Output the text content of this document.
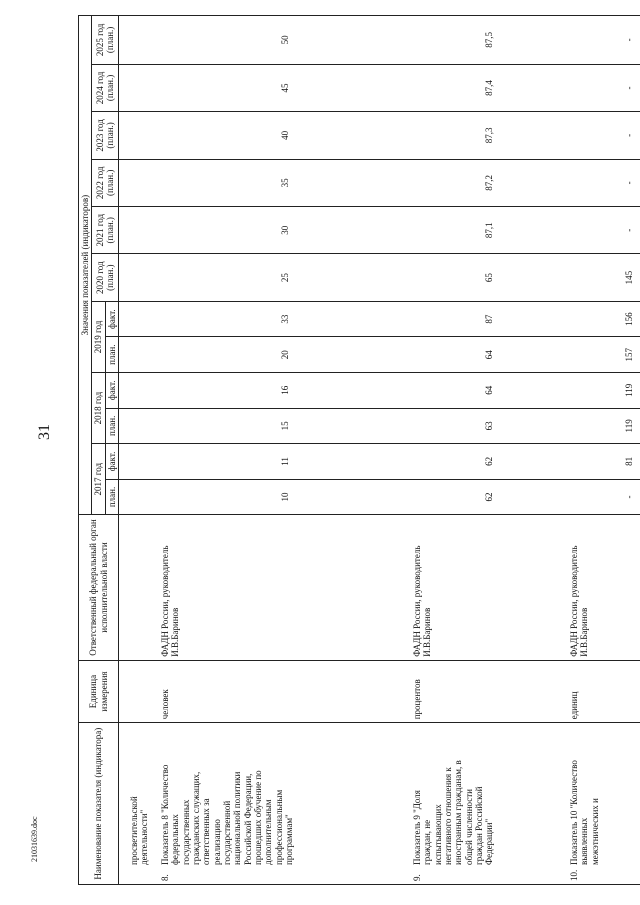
31
Наименование показателя (индикатора)	Единица измерения	Ответственный федеральный орган исполнительной власти	Значения показателей (индикаторов)											
			2017 год		2018 год		2019 год		2020 год (план.)	2021 год (план.)	2022 год (план.)	2023 год (план.)	2024 год (план.)	2025 год (план.)
			план.	факт.	план.	факт.	план.	факт.						
просветительской деятельности"														
8.Показатель 8 "Количество федеральных государственных гражданских служащих, ответственных за реализацию государственной национальной политики Российской Федерации, прошедших обучение по дополнительным профессиональным программам"	человек	ФАДН России, руководитель И.В.Баринов	10	11	15	16	20	33	25	30	35	40	45	50
9.Показатель 9 "Доля граждан, не испытывающих негативного отношения к иностранным гражданам, в общей численности граждан Российской Федерации"	процентов	ФАДН России, руководитель И.В.Баринов	62	62	63	64	64	87	65	87,1	87,2	87,3	87,4	87,5
10.Показатель 10 "Количество выявленных межэтнических и	единиц	ФАДН России, руководитель И.В.Баринов	-	81	119	119	157	156	145	-	-	-	-	-
21031639.doc
